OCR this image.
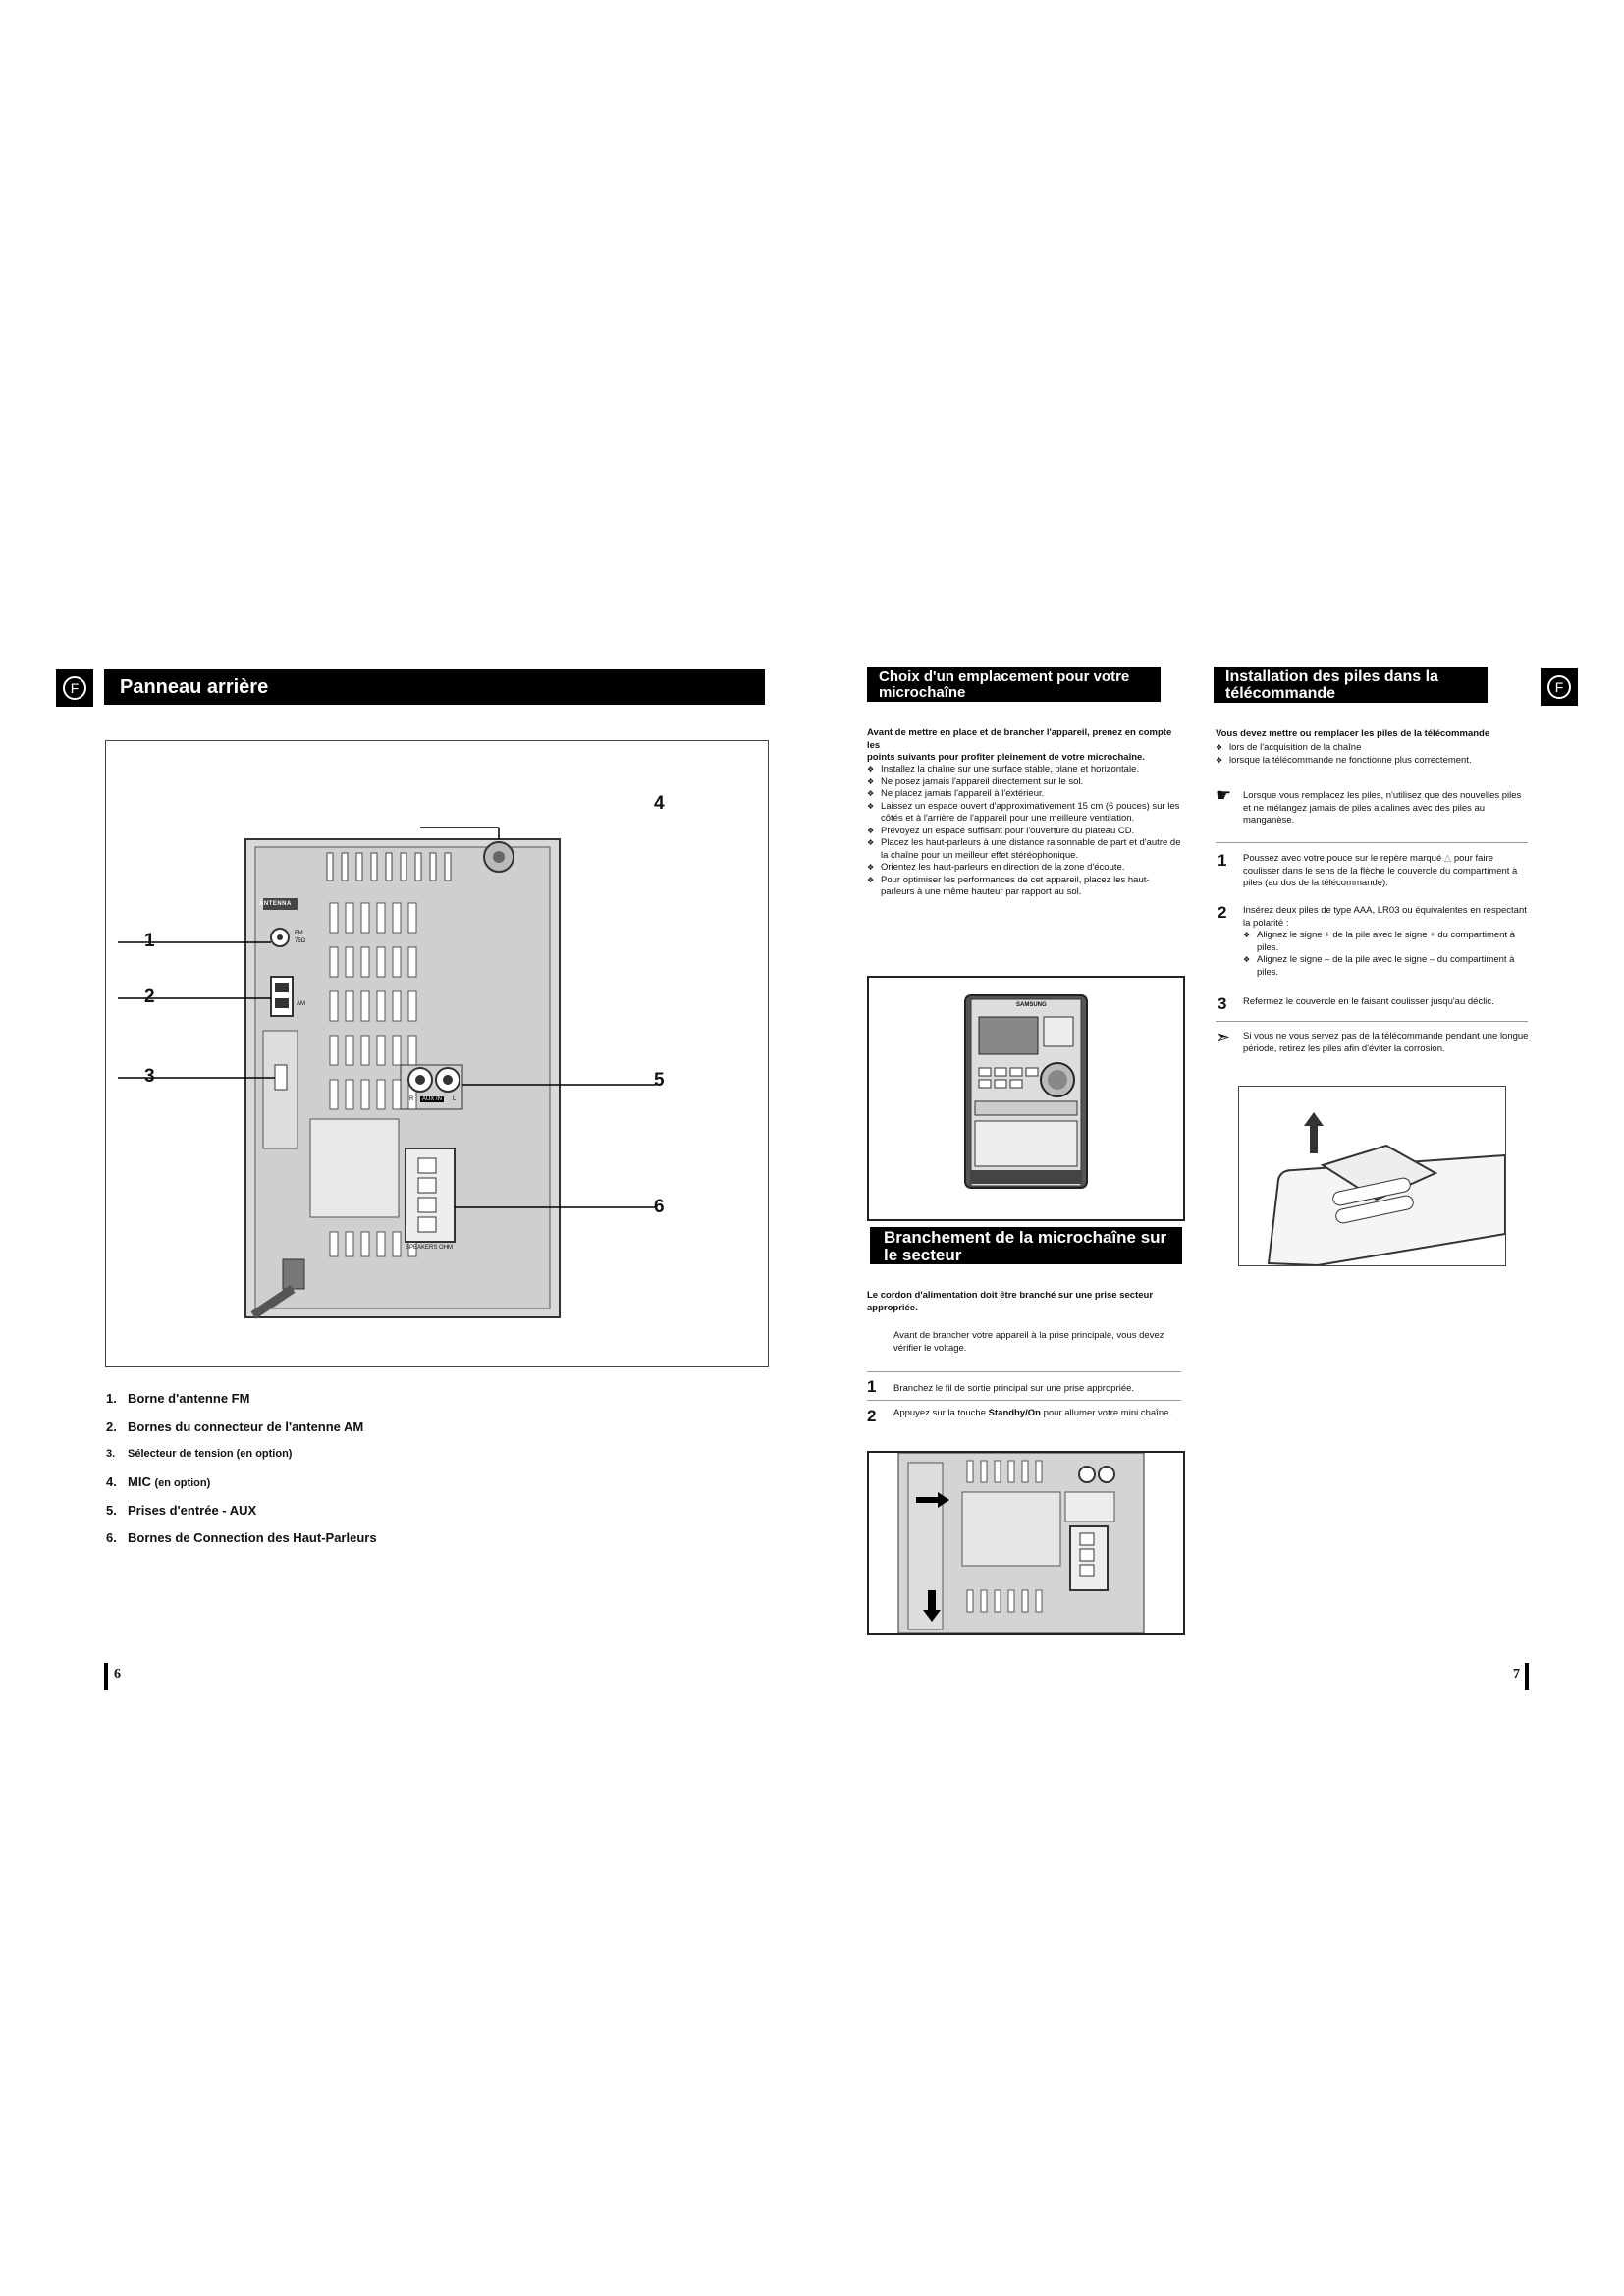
F	Panneau arrière
ANTENNA
FM
75Ω
AM
R	AUX IN	L
SPEAKERS OHM
1
2
3
4
5
6
1. Borne d'antenne FM
2. Bornes du connecteur de l'antenne AM
3. Sélecteur de tension (en option)
4. MIC (en option)
5. Prises d'entrée - AUX
6. Bornes de Connection des Haut-Parleurs
6
Choix d'un emplacement pour votre
microchaîne
Avant de mettre en place et de brancher l'appareil, prenez en compte les
points suivants pour profiter pleinement de votre microchaîne.
❖ Installez la chaîne sur une surface stable, plane et horizontale.
❖ Ne posez jamais l'appareil directement sur le sol.
❖ Ne placez jamais l'appareil à l'extérieur.
❖ Laissez un espace ouvert d'approximativement 15 cm (6 pouces) sur les côtés et à l'arrière de l'appareil pour une meilleure ventilation.
❖ Prévoyez un espace suffisant pour l'ouverture du plateau CD.
❖ Placez les haut-parleurs à une distance raisonnable de part et d'autre de la chaîne pour un meilleur effet stéréophonique.
❖ Orientez les haut-parleurs en direction de la zone d'écoute.
❖ Pour optimiser les performances de cet appareil, placez les haut-parleurs à une même hauteur par rapport au sol.
SAMSUNG
Branchement de la microchaîne sur
le secteur
Le cordon d'alimentation doit être branché sur une prise secteur
appropriée.
Avant de brancher votre appareil à la prise principale, vous devez
vérifier le voltage.
1 Branchez le fil de sortie principal sur une prise appropriée.
2 Appuyez sur la touche Standby/On pour allumer votre mini chaîne.
Installation des piles dans la
télécommande	F
Vous devez mettre ou remplacer les piles de la télécommande
❖ lors de l'acquisition de la chaîne
❖ lorsque la télécommande ne fonctionne plus correctement.
☛ Lorsque vous remplacez les piles, n'utilisez que des nouvelles piles
et ne mélangez jamais de piles alcalines avec des piles au
manganèse.
1 Poussez avec votre pouce sur le repère marqué △ pour faire
coulisser dans le sens de la flèche le couvercle du compartiment à
piles (au dos de la télécommande).
2 Insérez deux piles de type AAA, LR03 ou équivalentes en respectant
la polarité :
❖ Alignez le signe + de la pile avec le signe + du compartiment à
piles.
❖ Alignez le signe – de la pile avec le signe – du compartiment à
piles.
3 Refermez le couvercle en le faisant coulisser jusqu'au déclic.
➣ Si vous ne vous servez pas de la télécommande pendant une longue
période, retirez les piles afin d'éviter la corrosion.
7
